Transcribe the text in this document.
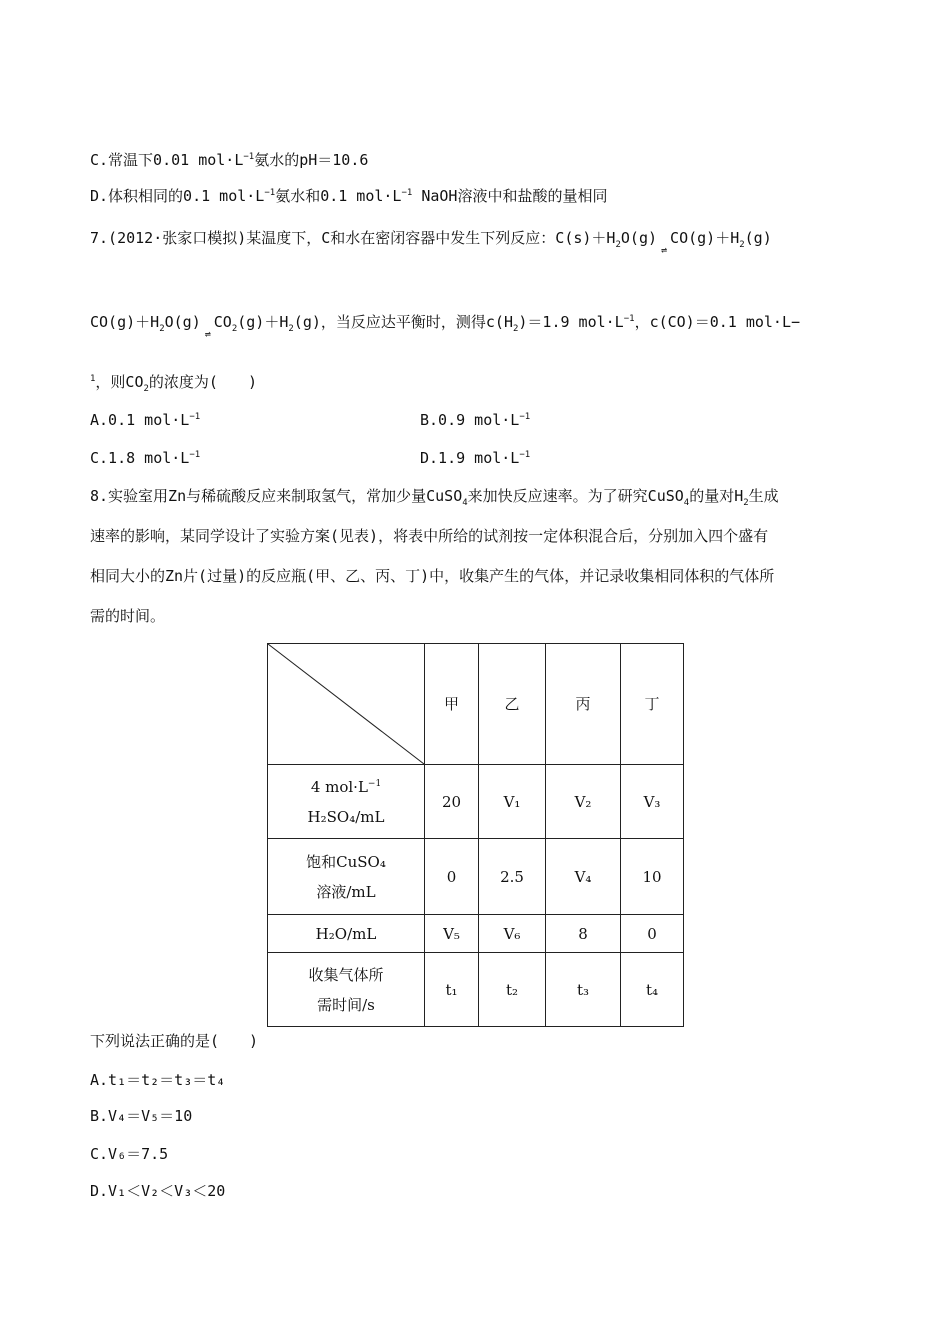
C.常温下0.01 $mol\cdot L^{-1}$氨水的pH＝10.6
D.体积相同的0.1 $mol\cdot L^{-1}$氨水和0.1 $mol\cdot L^{-1}$ NaOH溶液中和盐酸的量相同
7.(2012·张家口模拟)某温度下，C和水在密闭容器中发生下列反应：$C(s)+H_2O(g)\rightleftharpoons CO(g)+H_2(g)$
$CO(g)+H_2O(g)\rightleftharpoons CO_2(g)+H_2(g)$，当反应达平衡时，测得$c(H_2)=1.9$ $mol\cdot L^{-1}$，c(CO)＝0.1 mol·L−
$^1$，则$CO_2$的浓度为(　　)
A.0.1 $mol\cdot L^{-1}$	B.0.9 $mol\cdot L^{-1}$
C.1.8 $mol\cdot L^{-1}$	D.1.9 $mol\cdot L^{-1}$
8.实验室用Zn与稀硫酸反应来制取氢气，常加少量CuSO$_4$来加快反应速率。为了研究CuSO$_4$的量对$H_2$生成
速率的影响，某同学设计了实验方案(见表)，将表中所给的试剂按一定体积混合后，分别加入四个盛有
相同大小的Zn片(过量)的反应瓶(甲、乙、丙、丁)中，收集产生的气体，并记录收集相同体积的气体所
需的时间。
	甲	乙	丙	丁

4 $mol\cdot L^{-1}$
H₂SO₄/mL	20	V₁	V₂	V₃

饱和CuSO₄
溶液/mL	0	2.5	V₄	10
H₂O/mL	V₅	V₆	8	0

收集气体所
需时间/s	t₁	t₂	t₃	t₄
下列说法正确的是(　　)
A.t₁＝t₂＝t₃＝t₄
B.V₄＝V₅＝10
C.V₆＝7.5
D.V₁＜V₂＜V₃＜20
